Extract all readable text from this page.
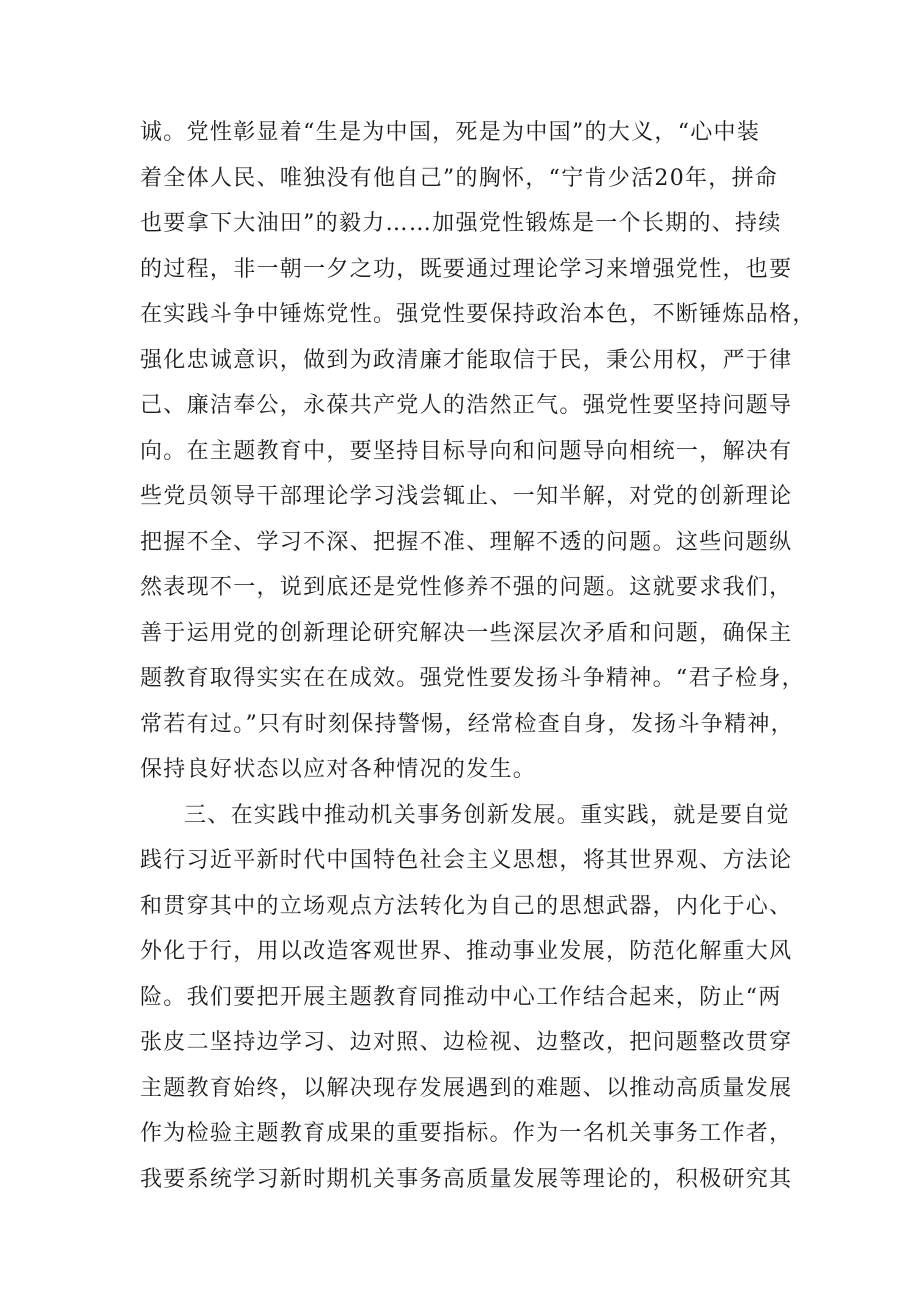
诚。党性彰显着“生是为中国，死是为中国”的大义，“心中装
着全体人民、唯独没有他自己”的胸怀，“宁肯少活20年，拼命
也要拿下大油田”的毅力……加强党性锻炼是一个长期的、持续
的过程，非一朝一夕之功，既要通过理论学习来增强党性，也要
在实践斗争中锤炼党性。强党性要保持政治本色，不断锤炼品格，
强化忠诚意识，做到为政清廉才能取信于民，秉公用权，严于律
己、廉洁奉公，永葆共产党人的浩然正气。强党性要坚持问题导
向。在主题教育中，要坚持目标导向和问题导向相统一，解决有
些党员领导干部理论学习浅尝辄止、一知半解，对党的创新理论
把握不全、学习不深、把握不准、理解不透的问题。这些问题纵
然表现不一，说到底还是党性修养不强的问题。这就要求我们，
善于运用党的创新理论研究解决一些深层次矛盾和问题，确保主
题教育取得实实在在成效。强党性要发扬斗争精神。“君子检身，
常若有过。”只有时刻保持警惕，经常检查自身，发扬斗争精神，
保持良好状态以应对各种情况的发生。
三、在实践中推动机关事务创新发展。重实践，就是要自觉
践行习近平新时代中国特色社会主义思想，将其世界观、方法论
和贯穿其中的立场观点方法转化为自己的思想武器，内化于心、
外化于行，用以改造客观世界、推动事业发展，防范化解重大风
险。我们要把开展主题教育同推动中心工作结合起来，防止“两
张皮二坚持边学习、边对照、边检视、边整改，把问题整改贯穿
主题教育始终，以解决现存发展遇到的难题、以推动高质量发展
作为检验主题教育成果的重要指标。作为一名机关事务工作者，
我要系统学习新时期机关事务高质量发展等理论的，积极研究其
